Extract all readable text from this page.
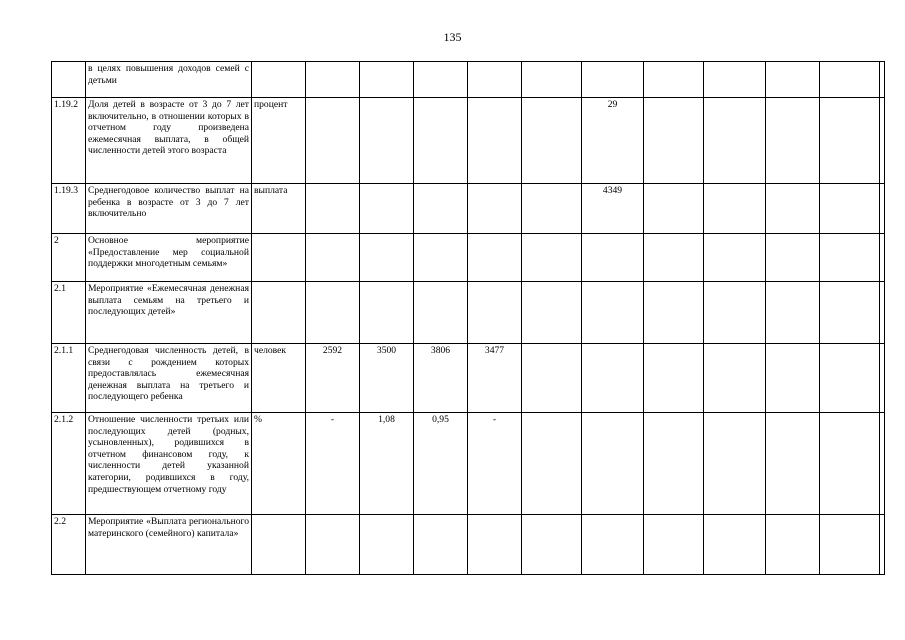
135
	в целях повышения доходов семей с детьми												
1.19.2	Доля детей в возрасте от 3 до 7 лет включительно, в отношении которых в отчетном году произведена ежемесячная выплата, в общей численности детей этого возраста	процент						29					
1.19.3	Среднегодовое количество выплат на ребенка в возрасте от 3 до 7 лет включительно	выплата						4349					
2	Основное мероприятие «Предоставление мер социальной поддержки многодетным семьям»												
2.1	Мероприятие «Ежемесячная денежная выплата семьям на третьего и последующих детей»												
2.1.1	Среднегодовая численность детей, в связи с рождением которых предоставлялась ежемесячная денежная выплата на третьего и последующего ребенка	человек	2592	3500	3806	3477							
2.1.2	Отношение численности третьих или последующих детей (родных, усыновленных), родившихся в отчетном финансовом году, к численности детей указанной категории, родившихся в году, предшествующем отчетному году	%	-	1,08	0,95	-							
2.2	Мероприятие «Выплата регионального материнского (семейного) капитала»												
